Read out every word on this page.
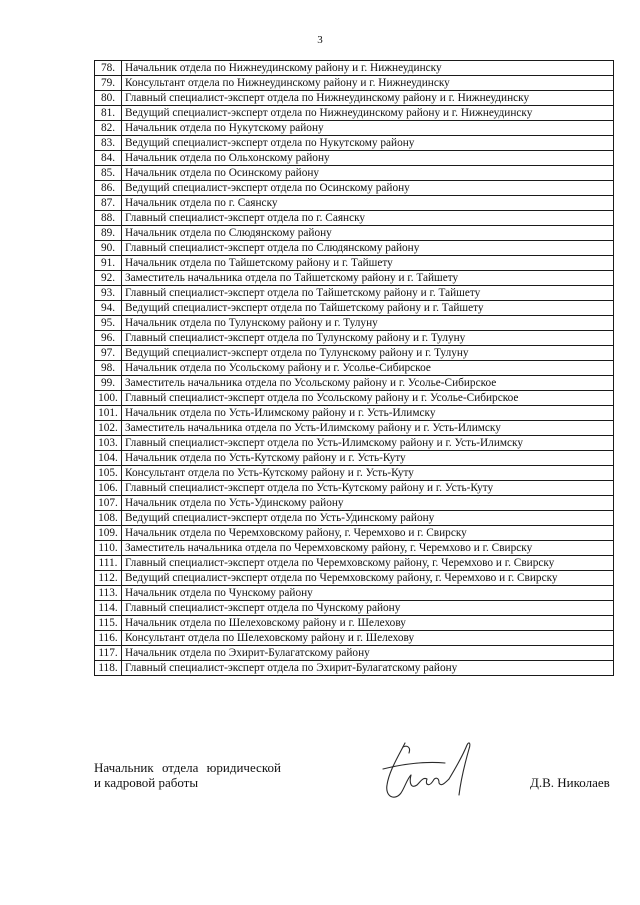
3
78.	Начальник отдела по Нижнеудинскому району и г. Нижнеудинску
79.	Консультант отдела по Нижнеудинскому району и г. Нижнеудинску
80.	Главный специалист-эксперт отдела по Нижнеудинскому району и г. Нижнеудинску
81.	Ведущий специалист-эксперт отдела по Нижнеудинскому району и г. Нижнеудинску
82.	Начальник отдела по Нукутскому району
83.	Ведущий специалист-эксперт отдела по Нукутскому району
84.	Начальник отдела по Ольхонскому району
85.	Начальник отдела по Осинскому району
86.	Ведущий специалист-эксперт отдела по Осинскому району
87.	Начальник отдела по г. Саянску
88.	Главный специалист-эксперт отдела по г. Саянску
89.	Начальник отдела по Слюдянскому району
90.	Главный специалист-эксперт отдела по Слюдянскому району
91.	Начальник отдела по Тайшетскому району и г. Тайшету
92.	Заместитель начальника отдела по Тайшетскому району и г. Тайшету
93.	Главный специалист-эксперт отдела по Тайшетскому району и г. Тайшету
94.	Ведущий специалист-эксперт отдела по Тайшетскому району и г. Тайшету
95.	Начальник отдела по Тулунскому району и г. Тулуну
96.	Главный специалист-эксперт отдела по Тулунскому району и г. Тулуну
97.	Ведущий специалист-эксперт отдела по Тулунскому району и г. Тулуну
98.	Начальник отдела по Усольскому району и г. Усолье-Сибирское
99.	Заместитель начальника отдела по Усольскому району и г. Усолье-Сибирское
100.	Главный специалист-эксперт отдела по Усольскому району и г. Усолье-Сибирское
101.	Начальник отдела по Усть-Илимскому району и г. Усть-Илимску
102.	Заместитель начальника отдела по Усть-Илимскому району и г. Усть-Илимску
103.	Главный специалист-эксперт отдела по Усть-Илимскому району и г. Усть-Илимску
104.	Начальник отдела по Усть-Кутскому району и г. Усть-Куту
105.	Консультант отдела по Усть-Кутскому району и г. Усть-Куту
106.	Главный специалист-эксперт отдела по Усть-Кутскому району и г. Усть-Куту
107.	Начальник отдела по Усть-Удинскому району
108.	Ведущий специалист-эксперт отдела по Усть-Удинскому району
109.	Начальник отдела по Черемховскому району, г. Черемхово и г. Свирску
110.	Заместитель начальника отдела по Черемховскому району, г. Черемхово и г. Свирску
111.	Главный специалист-эксперт отдела по Черемховскому району, г. Черемхово и г. Свирску
112.	Ведущий специалист-эксперт отдела по Черемховскому району, г. Черемхово и г. Свирску
113.	Начальник отдела по Чунскому району
114.	Главный специалист-эксперт отдела по Чунскому району
115.	Начальник отдела по Шелеховскому району и г. Шелехову
116.	Консультант отдела по Шелеховскому району и г. Шелехову
117.	Начальник отдела по Эхирит-Булагатскому району
118.	Главный специалист-эксперт отдела по Эхирит-Булагатскому району
Начальник отдела юридической
и кадровой работы	Д.В. Николаев
